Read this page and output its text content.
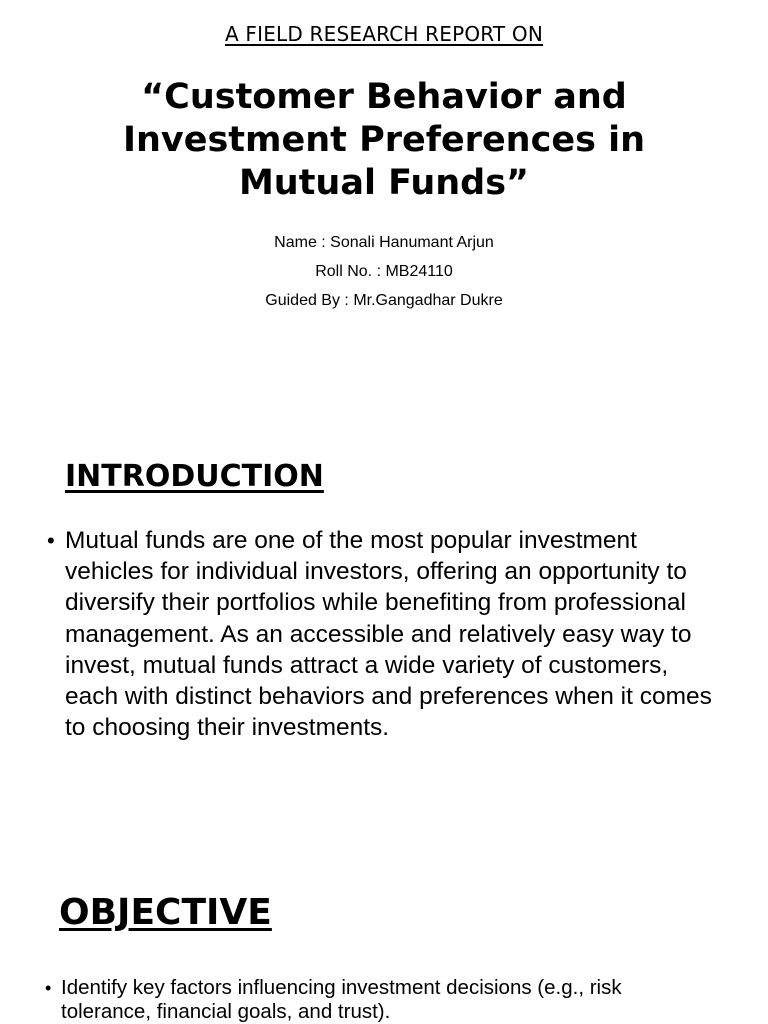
A FIELD RESEARCH REPORT ON
“Customer Behavior and Investment Preferences in Mutual Funds”
Name : Sonali Hanumant Arjun
Roll No. : MB24110
Guided By : Mr.Gangadhar Dukre
INTRODUCTION
• Mutual funds are one of the most popular investment vehicles for individual investors, offering an opportunity to diversify their portfolios while benefiting from professional management. As an accessible and relatively easy way to invest, mutual funds attract a wide variety of customers, each with distinct behaviors and preferences when it comes to choosing their investments.
OBJECTIVE
• Identify key factors influencing investment decisions (e.g., risk tolerance, financial goals, and trust).
